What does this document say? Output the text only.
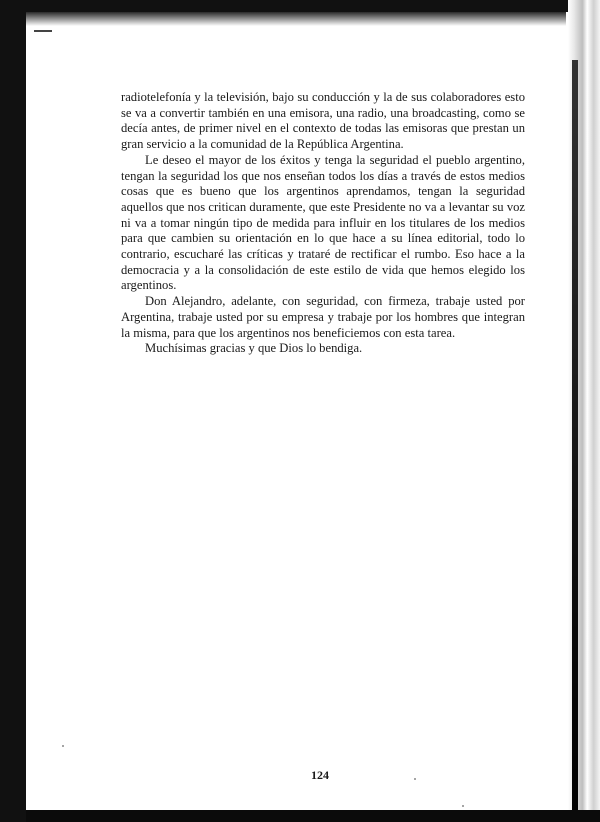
radiotelefonía y la televisión, bajo su conducción y la de sus colaboradores esto se va a convertir también en una emisora, una radio, una broadcasting, como se decía antes, de primer nivel en el contexto de todas las emisoras que prestan un gran servicio a la comunidad de la República Argentina.

Le deseo el mayor de los éxitos y tenga la seguridad el pueblo argentino, tengan la seguridad los que nos enseñan todos los días a través de estos medios cosas que es bueno que los argentinos aprendamos, tengan la seguridad aquellos que nos critican duramente, que este Presidente no va a levantar su voz ni va a tomar ningún tipo de medida para influir en los titulares de los medios para que cambien su orientación en lo que hace a su línea editorial, todo lo contrario, escucharé las críticas y trataré de rectificar el rumbo. Eso hace a la democracia y a la consolidación de este estilo de vida que hemos elegido los argentinos.

Don Alejandro, adelante, con seguridad, con firmeza, trabaje usted por Argentina, trabaje usted por su empresa y trabaje por los hombres que integran la misma, para que los argentinos nos beneficiemos con esta tarea.

Muchísimas gracias y que Dios lo bendiga.

124
